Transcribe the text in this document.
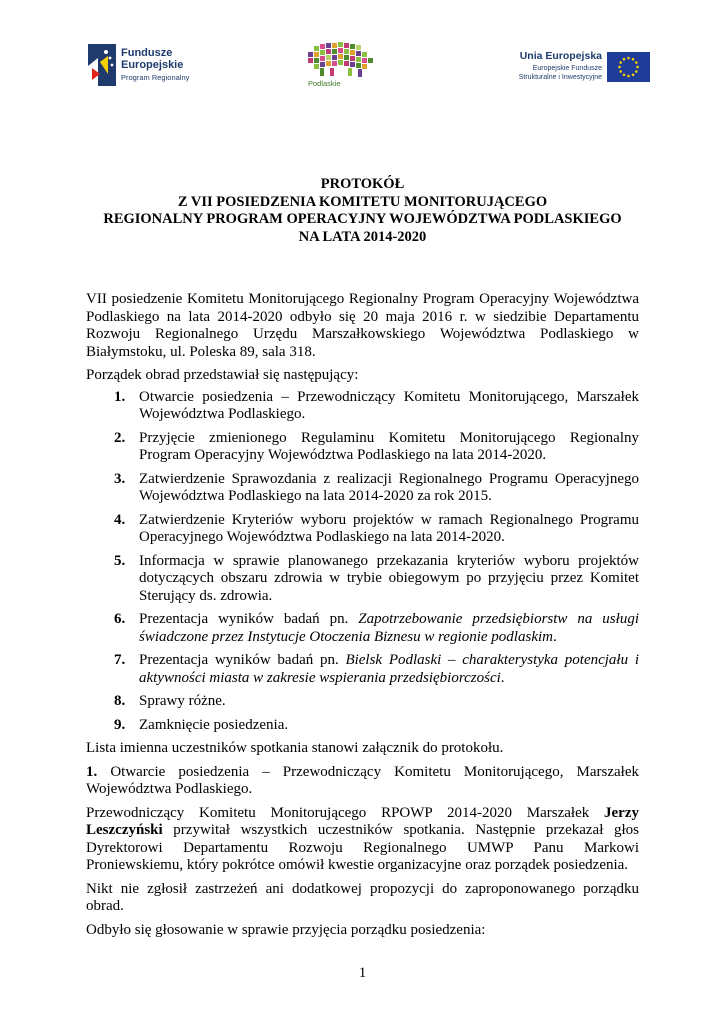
Fundusze
Europejskie
Program Regionalny
Podlaskie
Unia Europejska
Europejskie Fundusze
Strukturalne i Inwestycyjne
PROTOKÓŁ
Z VII POSIEDZENIA KOMITETU MONITORUJĄCEGO
REGIONALNY PROGRAM OPERACYJNY WOJEWÓDZTWA PODLASKIEGO
NA LATA 2014-2020

VII posiedzenie Komitetu Monitorującego Regionalny Program Operacyjny Województwa Podlaskiego na lata 2014-2020 odbyło się 20 maja 2016 r. w siedzibie Departamentu Rozwoju Regionalnego Urzędu Marszałkowskiego Województwa Podlaskiego w Białymstoku, ul. Poleska 89, sala 318.

Porządek obrad przedstawiał się następujący:

1. Otwarcie posiedzenia – Przewodniczący Komitetu Monitorującego, Marszałek Województwa Podlaskiego.
2. Przyjęcie zmienionego Regulaminu Komitetu Monitorującego Regionalny Program Operacyjny Województwa Podlaskiego na lata 2014-2020.
3. Zatwierdzenie Sprawozdania z realizacji Regionalnego Programu Operacyjnego Województwa Podlaskiego na lata 2014-2020 za rok 2015.
4. Zatwierdzenie Kryteriów wyboru projektów w ramach Regionalnego Programu Operacyjnego Województwa Podlaskiego na lata 2014-2020.
5. Informacja w sprawie planowanego przekazania kryteriów wyboru projektów dotyczących obszaru zdrowia w trybie obiegowym po przyjęciu przez Komitet Sterujący ds. zdrowia.
6. Prezentacja wyników badań pn. Zapotrzebowanie przedsiębiorstw na usługi świadczone przez Instytucje Otoczenia Biznesu w regionie podlaskim.
7. Prezentacja wyników badań pn. Bielsk Podlaski – charakterystyka potencjału i aktywności miasta w zakresie wspierania przedsiębiorczości.
8. Sprawy różne.
9. Zamknięcie posiedzenia.

Lista imienna uczestników spotkania stanowi załącznik do protokołu.

1. Otwarcie posiedzenia – Przewodniczący Komitetu Monitorującego, Marszałek Województwa Podlaskiego.

Przewodniczący Komitetu Monitorującego RPOWP 2014-2020 Marszałek Jerzy Leszczyński przywitał wszystkich uczestników spotkania. Następnie przekazał głos Dyrektorowi Departamentu Rozwoju Regionalnego UMWP Panu Markowi Proniewskiemu, który pokrótce omówił kwestie organizacyjne oraz porządek posiedzenia.

Nikt nie zgłosił zastrzeżeń ani dodatkowej propozycji do zaproponowanego porządku obrad.

Odbyło się głosowanie w sprawie przyjęcia porządku posiedzenia:

1
